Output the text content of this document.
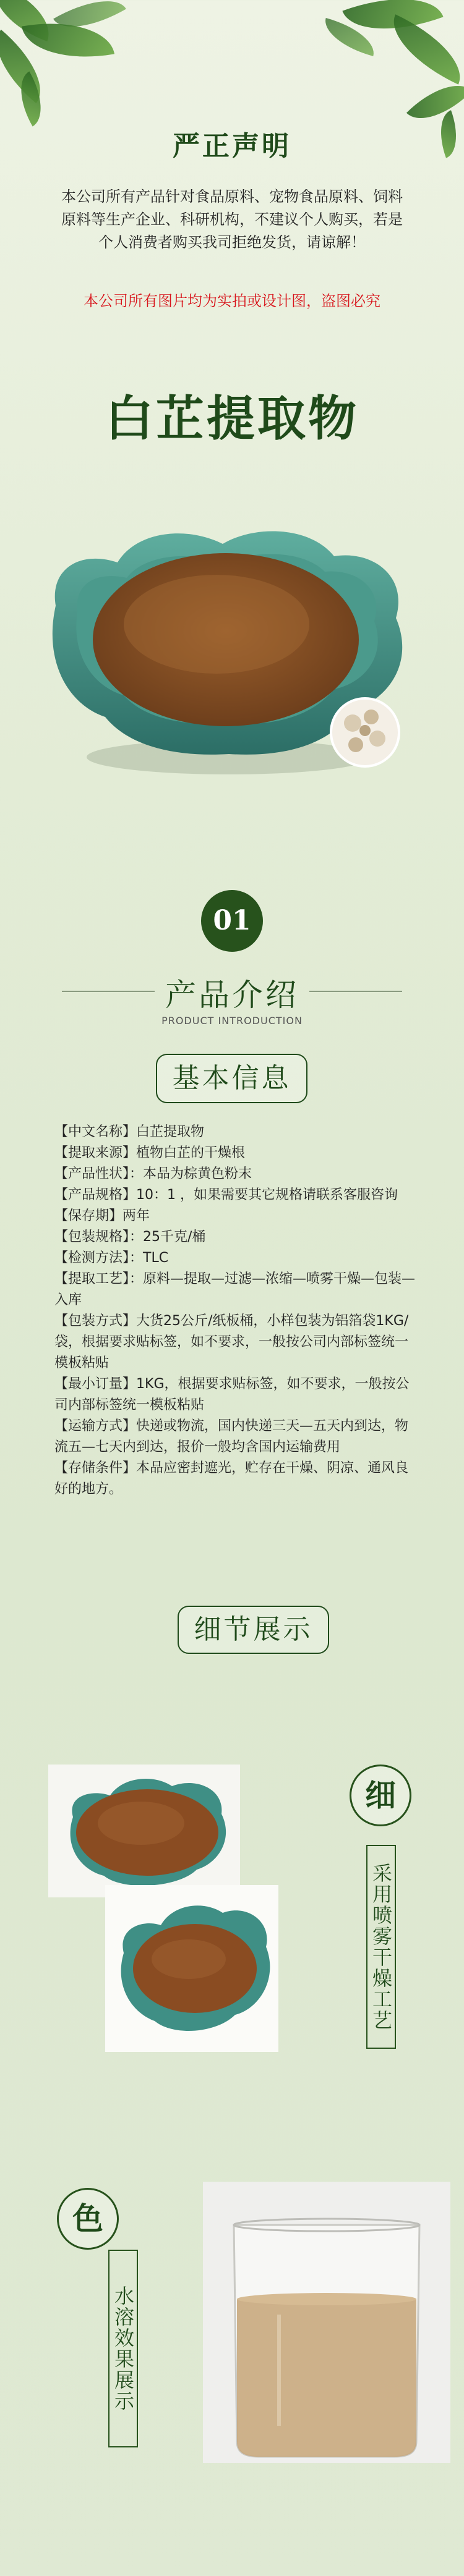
严正声明
本公司所有产品针对食品原料、宠物食品原料、饲料原料等生产企业、科研机构，不建议个人购买，若是个人消费者购买我司拒绝发货，请谅解！
本公司所有图片均为实拍或设计图，盗图必究
白芷提取物
01
产品介绍
PRODUCT INTRODUCTION
基本信息
【中文名称】白芷提取物
【提取来源】植物白芷的干燥根
【产品性状】：本品为棕黄色粉末
【产品规格】10：1 ，如果需要其它规格请联系客服咨询
【保存期】两年
【包装规格】：25千克/桶
【检测方法】：TLC
【提取工艺】：原料—提取—过滤—浓缩—喷雾干燥—包装—入库
【包装方式】大货25公斤/纸板桶，小样包装为铝箔袋1KG/袋，根据要求贴标签，如不要求，一般按公司内部标签统一模板粘贴
【最小订量】1KG，根据要求贴标签，如不要求，一般按公司内部标签统一模板粘贴
【运输方式】快递或物流，国内快递三天—五天内到达，物流五—七天内到达，报价一般均含国内运输费用
【存储条件】本品应密封遮光，贮存在干燥、阴凉、通风良好的地方。
细节展示
细
采用喷雾干燥工艺
色
水溶效果展示
